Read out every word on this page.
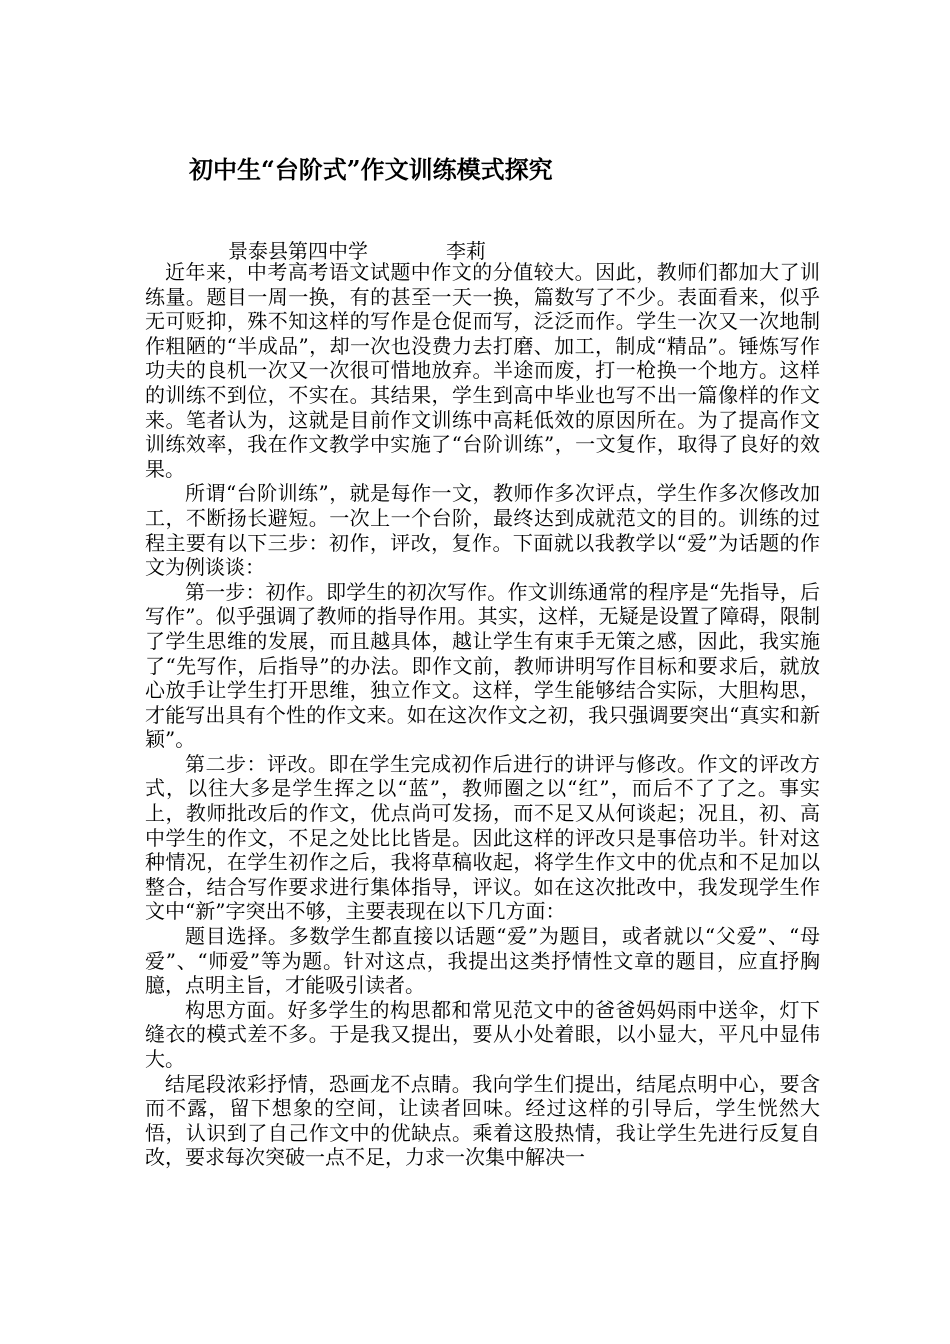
初中生“台阶式”作文训练模式探究
景泰县第四中学	李莉

近年来，中考高考语文试题中作文的分值较大。因此，教师们都加大了训练量。题目一周一换，有的甚至一天一换，篇数写了不少。表面看来，似乎无可贬抑，殊不知这样的写作是仓促而写，泛泛而作。学生一次又一次地制作粗陋的“半成品”，却一次也没费力去打磨、加工，制成“精品”。锤炼写作功夫的良机一次又一次很可惜地放弃。半途而废，打一枪换一个地方。这样的训练不到位，不实在。其结果，学生到高中毕业也写不出一篇像样的作文来。笔者认为，这就是目前作文训练中高耗低效的原因所在。为了提高作文训练效率，我在作文教学中实施了“台阶训练”，一文复作，取得了良好的效果。

所谓“台阶训练”，就是每作一文，教师作多次评点，学生作多次修改加工，不断扬长避短。一次上一个台阶，最终达到成就范文的目的。训练的过程主要有以下三步：初作，评改，复作。下面就以我教学以“爱”为话题的作文为例谈谈：

第一步：初作。即学生的初次写作。作文训练通常的程序是“先指导，后写作”。似乎强调了教师的指导作用。其实，这样，无疑是设置了障碍，限制了学生思维的发展，而且越具体，越让学生有束手无策之感，因此，我实施了“先写作，后指导”的办法。即作文前，教师讲明写作目标和要求后，就放心放手让学生打开思维，独立作文。这样，学生能够结合实际，大胆构思，才能写出具有个性的作文来。如在这次作文之初，我只强调要突出“真实和新颖”。

第二步：评改。即在学生完成初作后进行的讲评与修改。作文的评改方式，以往大多是学生挥之以“蓝”，教师圈之以“红”，而后不了了之。事实上，教师批改后的作文，优点尚可发扬，而不足又从何谈起；况且，初、高中学生的作文，不足之处比比皆是。因此这样的评改只是事倍功半。针对这种情况，在学生初作之后，我将草稿收起，将学生作文中的优点和不足加以整合，结合写作要求进行集体指导，评议。如在这次批改中，我发现学生作文中“新”字突出不够，主要表现在以下几方面：

题目选择。多数学生都直接以话题“爱”为题目，或者就以“父爱”、“母爱”、“师爱”等为题。针对这点，我提出这类抒情性文章的题目，应直抒胸臆，点明主旨，才能吸引读者。

构思方面。好多学生的构思都和常见范文中的爸爸妈妈雨中送伞，灯下缝衣的模式差不多。于是我又提出，要从小处着眼，以小显大，平凡中显伟大。

结尾段浓彩抒情，恐画龙不点睛。我向学生们提出，结尾点明中心，要含而不露，留下想象的空间，让读者回味。经过这样的引导后，学生恍然大悟，认识到了自己作文中的优缺点。乘着这股热情，我让学生先进行反复自改，要求每次突破一点不足，力求一次集中解决一
